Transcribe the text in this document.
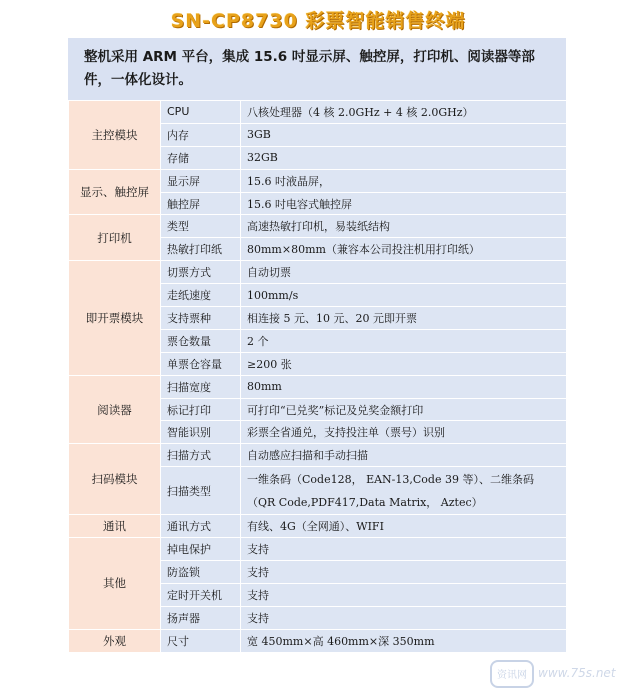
SN-CP8730 彩票智能销售终端
整机采用 ARM 平台，集成 15.6 吋显示屏、触控屏，打印机、阅读器等部件，一体化设计。
主控模块	CPU	八核处理器（4 核 2.0GHz + 4 核 2.0GHz）
	内存	3GB
	存储	32GB
显示、触控屏	显示屏	15.6 吋液晶屏，
	触控屏	15.6 吋电容式触控屏
打印机	类型	高速热敏打印机，易装纸结构
	热敏打印纸	80mm×80mm（兼容本公司投注机用打印纸）
即开票模块	切票方式	自动切票
	走纸速度	100mm/s
	支持票种	相连接 5 元、10 元、20 元即开票
	票仓数量	2 个
	单票仓容量	≥200 张
阅读器	扫描宽度	80mm
	标记打印	可打印“已兑奖”标记及兑奖金额打印
	智能识别	彩票全省通兑，支持投注单（票号）识别
扫码模块	扫描方式	自动感应扫描和手动扫描
	扫描类型	一维条码（Code128， EAN-13,Code 39 等）、二维条码（QR Code,PDF417,Data Matrix， Aztec）
通讯	通讯方式	有线、4G（全网通）、WIFI
其他	掉电保护	支持
	防盗锁	支持
	定时开关机	支持
	扬声器	支持
外观	尺寸	宽 450mm×高 460mm×深 350mm
资讯网 www.75s.net
